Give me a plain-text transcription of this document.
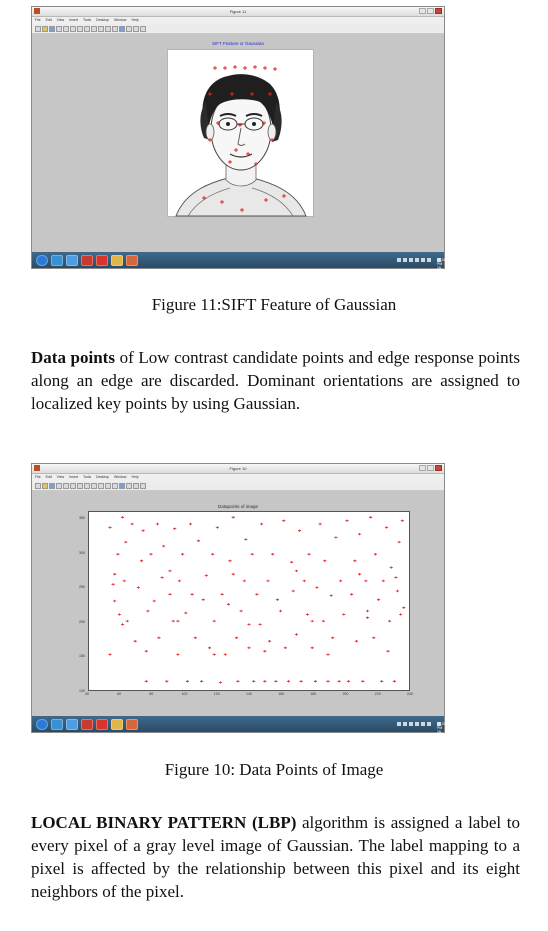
Figure 11
File Edit View Insert Tools Desktop Window Help
SIFT Feature or Gaussian
11:24 PM
26-Nov-12
Figure 11:SIFT Feature of Gaussian

Data points of Low contrast candidate points and edge response points along an edge are discarded. Dominant orientations are assigned to localized key points by using Gaussian.

Figure 10
File Edit View Insert Tools Desktop Window Help
Datapoints of image
40	60	80	100	120	140	160	180	200	220	240
350
300
250
200
150
100
11:23 PM
26-Nov-12
Figure 10: Data Points of Image

LOCAL BINARY PATTERN (LBP) algorithm is assigned a label to every pixel of a gray level image of Gaussian. The label mapping to a pixel is affected by the relationship between this pixel and its eight neighbors of the pixel.
